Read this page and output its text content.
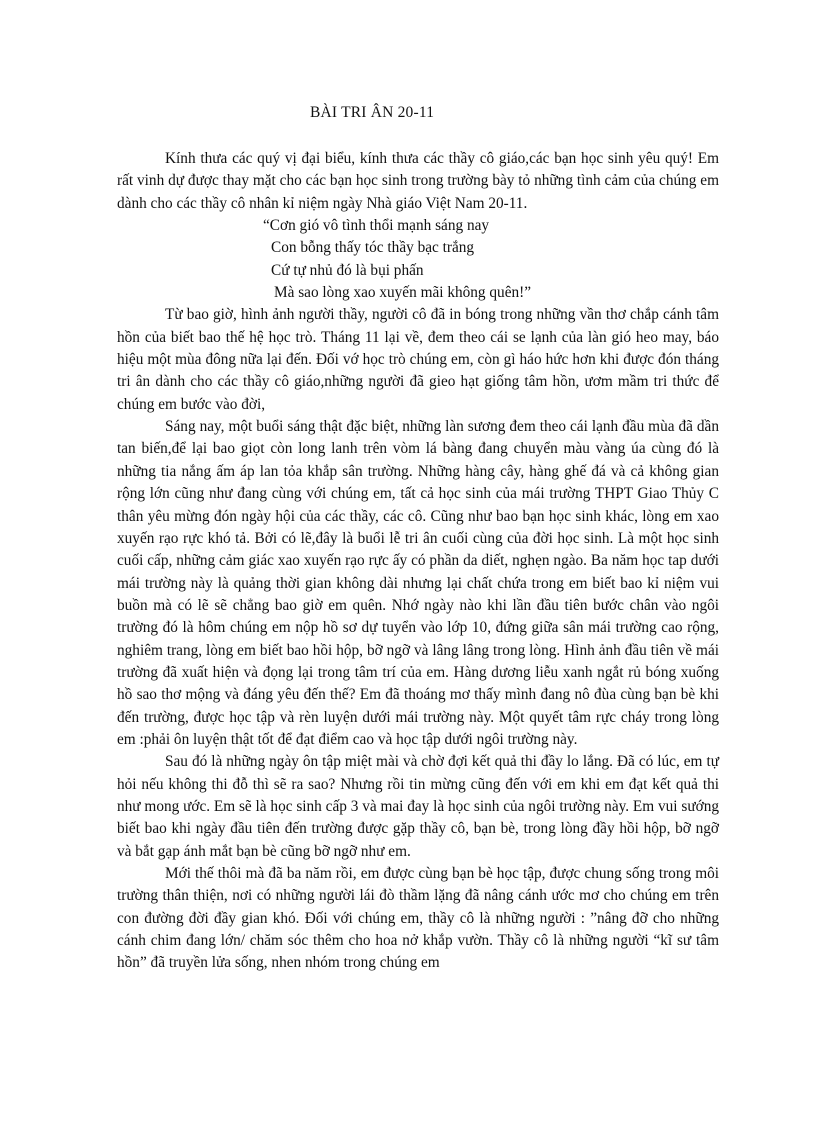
BÀI TRI ÂN 20-11

Kính thưa các quý vị đại biểu, kính thưa các thầy cô giáo,các bạn học sinh yêu quý! Em rất vinh dự được thay mặt cho các bạn học sinh trong trường bày tỏ những tình cảm của chúng em dành cho các thầy cô nhân kỉ niệm ngày Nhà giáo Việt Nam 20-11.

“Cơn gió vô tình thổi mạnh sáng nay
Con bỗng thấy tóc thầy bạc trắng
Cứ tự nhủ đó là bụi phấn
Mà sao lòng xao xuyến mãi không quên!”

Từ bao giờ, hình ảnh người thầy, người cô đã in bóng trong những vần thơ chắp cánh tâm hồn của biết bao thế hệ học trò. Tháng 11 lại về, đem theo cái se lạnh của làn gió heo may, báo hiệu một mùa đông nữa lại đến. Đối vớ học trò chúng em, còn gì háo hức hơn khi được đón tháng tri ân dành cho các thầy cô giáo,những người đã gieo hạt giống tâm hồn, ươm mầm tri thức để chúng em bước vào đời,

Sáng nay, một buổi sáng thật đặc biệt, những làn sương đem theo cái lạnh đầu mùa đã dần tan biến,để lại bao giọt còn long lanh trên vòm lá bàng đang chuyển màu vàng úa cùng đó là những tia nắng ấm áp lan tỏa khắp sân trường. Những hàng cây, hàng ghế đá và cả không gian rộng lớn cũng như đang cùng với chúng em, tất cả học sinh của mái trường THPT Giao Thủy C thân yêu mừng đón ngày hội của các thầy, các cô. Cũng như bao bạn học sinh khác, lòng em xao xuyến rạo rực khó tả. Bởi có lẽ,đây là buổi lễ tri ân cuối cùng của đời học sinh. Là một học sinh cuối cấp, những cảm giác xao xuyến rạo rực ấy có phần da diết, nghẹn ngào. Ba năm học tap dưới mái trường này là quảng thời gian không dài nhưng lại chất chứa trong em biết bao kỉ niệm vui buồn mà có lẽ sẽ chẳng bao giờ em quên. Nhớ ngày nào khi lần đầu tiên bước chân vào ngôi trường đó là hôm chúng em nộp hồ sơ dự tuyển vào lớp 10, đứng giữa sân mái trường cao rộng, nghiêm trang, lòng em biết bao hồi hộp, bỡ ngỡ và lâng lâng trong lòng. Hình ảnh đầu tiên về mái trường đã xuất hiện và đọng lại trong tâm trí của em. Hàng dương liễu xanh ngắt rủ bóng xuống hồ sao thơ mộng và đáng yêu đến thế? Em đã thoáng mơ thấy mình đang nô đùa cùng bạn bè khi đến trường, được học tập và rèn luyện dưới mái trường này. Một quyết tâm rực cháy trong lòng em :phải ôn luyện thật tốt để đạt điểm cao và học tập dưới ngôi trường này.

Sau đó là những ngày ôn tập miệt mài và chờ đợi kết quả thi đầy lo lắng. Đã có lúc, em tự hỏi nếu không thi đỗ thì sẽ ra sao? Nhưng rồi tin mừng cũng đến với em khi em đạt kết quả thi như mong ước. Em sẽ là học sinh cấp 3 và mai đay là học sinh của ngôi trường này. Em vui sướng biết bao khi ngày đầu tiên đến trường được gặp thầy cô, bạn bè, trong lòng đầy hồi hộp, bỡ ngỡ và bắt gạp ánh mắt bạn bè cũng bỡ ngỡ như em.

Mới thế thôi mà đã ba năm rồi, em được cùng bạn bè học tập, được chung sống trong môi trường thân thiện, nơi có những người lái đò thầm lặng đã nâng cánh ước mơ cho chúng em trên con đường đời đầy gian khó. Đối với chúng em, thầy cô là những người : ”nâng đỡ cho những cánh chim đang lớn/ chăm sóc thêm cho hoa nở khắp vườn. Thầy cô là những người “kĩ sư tâm hồn” đã truyền lửa sống, nhen nhóm trong chúng em
